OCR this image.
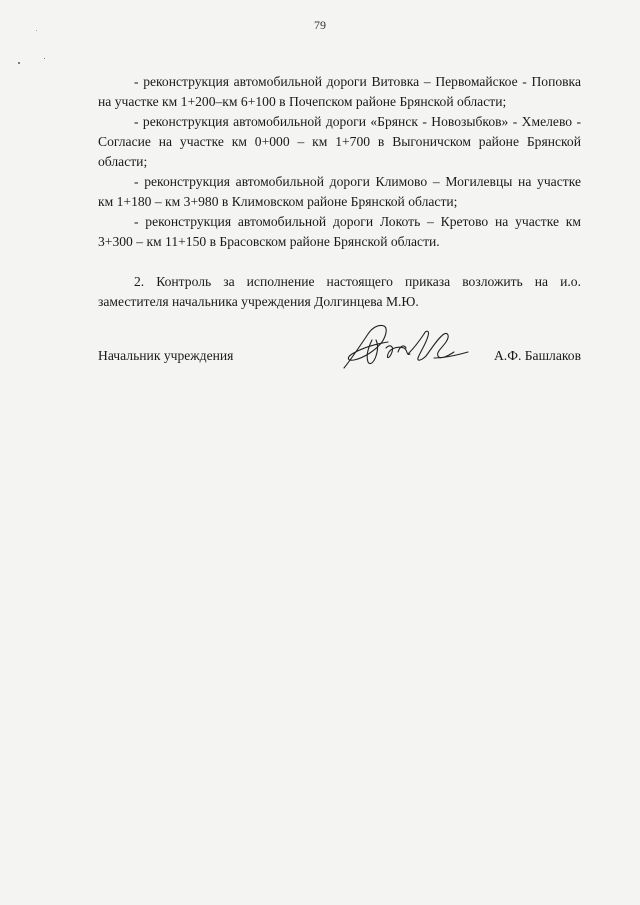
79

- реконструкция автомобильной дороги Витовка – Первомайское - Поповка на участке км 1+200–км 6+100 в Почепском районе Брянской области;

- реконструкция автомобильной дороги «Брянск - Новозыбков» - Хмелево - Согласие на участке км 0+000 – км 1+700 в Выгоничском районе Брянской области;

- реконструкция автомобильной дороги Климово – Могилевцы на участке км 1+180 – км 3+980 в Климовском районе Брянской области;

- реконструкция автомобильной дороги Локоть – Кретово на участке км 3+300 – км 11+150 в Брасовском районе Брянской области.

2. Контроль за исполнение настоящего приказа возложить на и.о. заместителя начальника учреждения Долгинцева М.Ю.

Начальник учреждения	А.Ф. Башлаков
